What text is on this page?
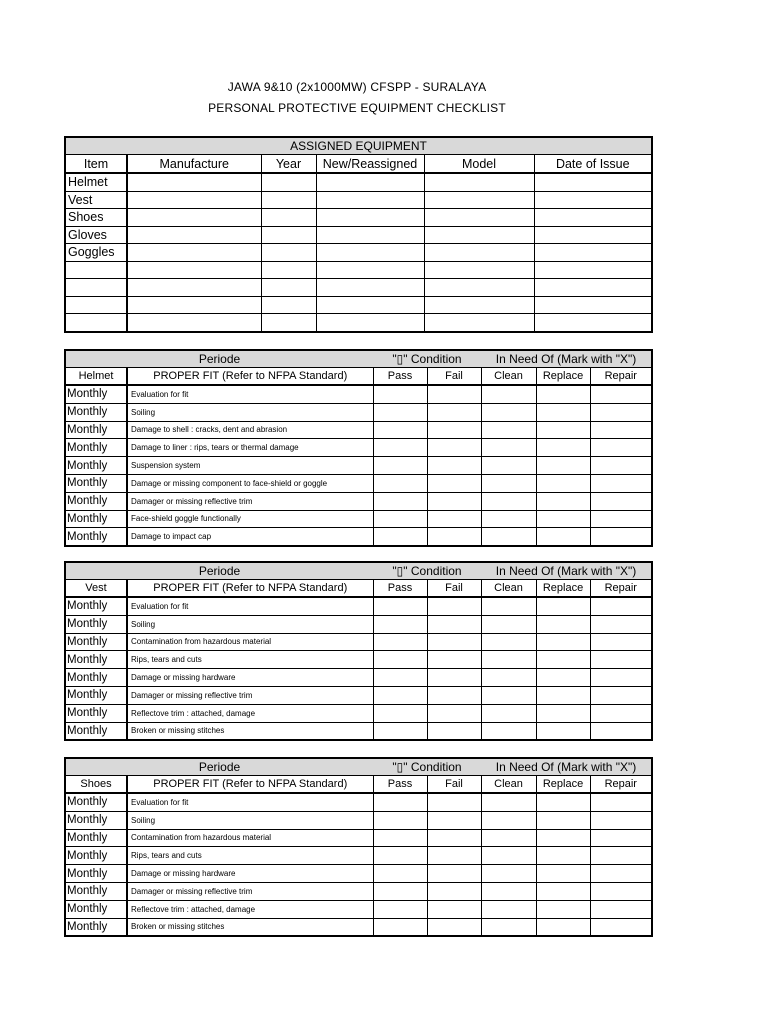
JAWA 9&10 (2x1000MW) CFSPP - SURALAYA
PERSONAL PROTECTIVE EQUIPMENT CHECKLIST
ASSIGNED EQUIPMENT					
Item	Manufacture	Year	New/Reassigned	Model	Date of Issue
Helmet					
Vest					
Shoes					
Gloves					
Goggles					

Periode		"▯" Condition		In Need Of (Mark with "X")		
Helmet	PROPER FIT (Refer to NFPA Standard)	Pass	Fail	Clean	Replace	Repair
Monthly	Evaluation for fit					
Monthly	Soiling					
Monthly	Damage to shell : cracks, dent and abrasion					
Monthly	Damage to liner : rips, tears or thermal damage					
Monthly	Suspension system					
Monthly	Damage or missing component to face-shield or goggle					
Monthly	Damager or missing reflective trim					
Monthly	Face-shield goggle functionally					
Monthly	Damage to impact cap					
Periode		"▯" Condition		In Need Of (Mark with "X")		
Vest	PROPER FIT (Refer to NFPA Standard)	Pass	Fail	Clean	Replace	Repair
Monthly	Evaluation for fit					
Monthly	Soiling					
Monthly	Contamination from hazardous material					
Monthly	Rips, tears and cuts					
Monthly	Damage or missing hardware					
Monthly	Damager or missing reflective trim					
Monthly	Reflectove trim : attached, damage					
Monthly	Broken or missing stitches					
Periode		"▯" Condition		In Need Of (Mark with "X")		
Shoes	PROPER FIT (Refer to NFPA Standard)	Pass	Fail	Clean	Replace	Repair
Monthly	Evaluation for fit					
Monthly	Soiling					
Monthly	Contamination from hazardous material					
Monthly	Rips, tears and cuts					
Monthly	Damage or missing hardware					
Monthly	Damager or missing reflective trim					
Monthly	Reflectove trim : attached, damage					
Monthly	Broken or missing stitches					
